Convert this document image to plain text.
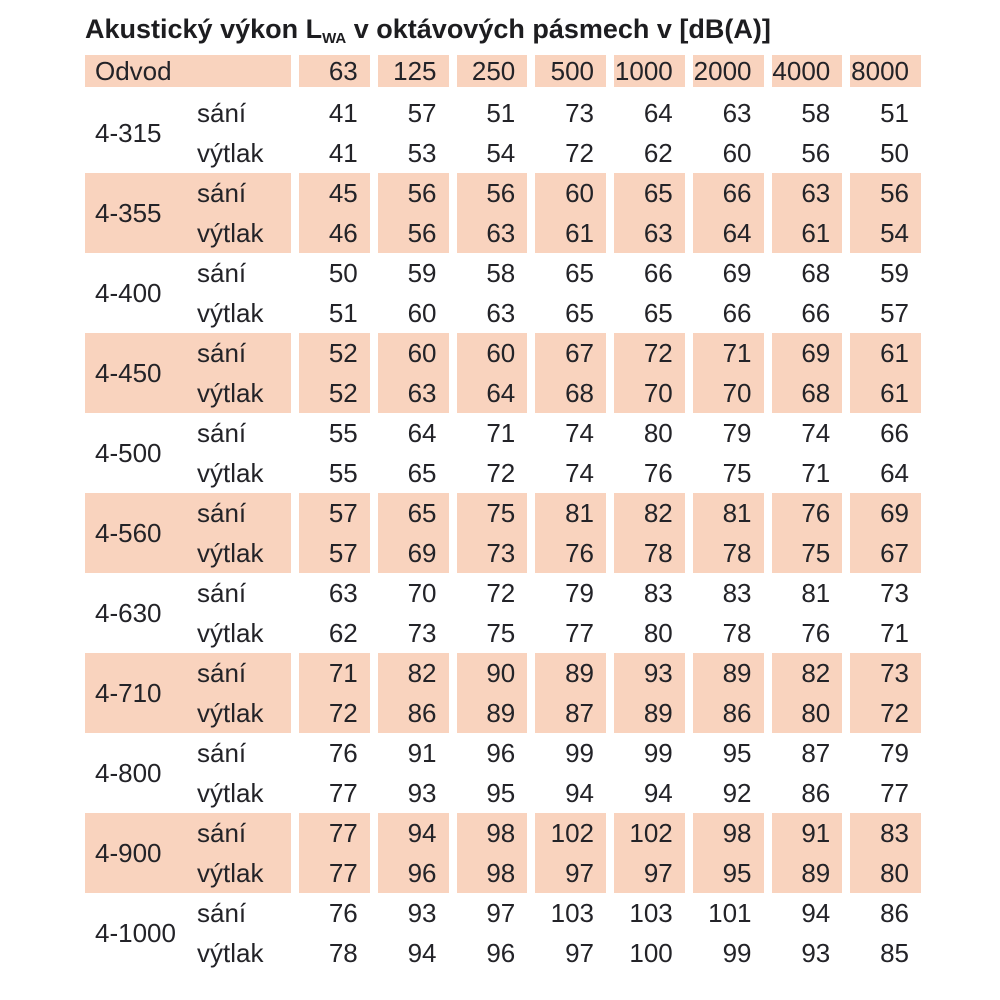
Akustický výkon $L_{WA}$ v oktávových pásmech v [dB(A)]
Odvod		63	125	250	500	1000	2000	4000	8000
4-315	sání	41	57	51	73	64	63	58	51
	výtlak	41	53	54	72	62	60	56	50
4-355	sání	45	56	56	60	65	66	63	56
	výtlak	46	56	63	61	63	64	61	54
4-400	sání	50	59	58	65	66	69	68	59
	výtlak	51	60	63	65	65	66	66	57
4-450	sání	52	60	60	67	72	71	69	61
	výtlak	52	63	64	68	70	70	68	61
4-500	sání	55	64	71	74	80	79	74	66
	výtlak	55	65	72	74	76	75	71	64
4-560	sání	57	65	75	81	82	81	76	69
	výtlak	57	69	73	76	78	78	75	67
4-630	sání	63	70	72	79	83	83	81	73
	výtlak	62	73	75	77	80	78	76	71
4-710	sání	71	82	90	89	93	89	82	73
	výtlak	72	86	89	87	89	86	80	72
4-800	sání	76	91	96	99	99	95	87	79
	výtlak	77	93	95	94	94	92	86	77
4-900	sání	77	94	98	102	102	98	91	83
	výtlak	77	96	98	97	97	95	89	80
4-1000	sání	76	93	97	103	103	101	94	86
	výtlak	78	94	96	97	100	99	93	85
